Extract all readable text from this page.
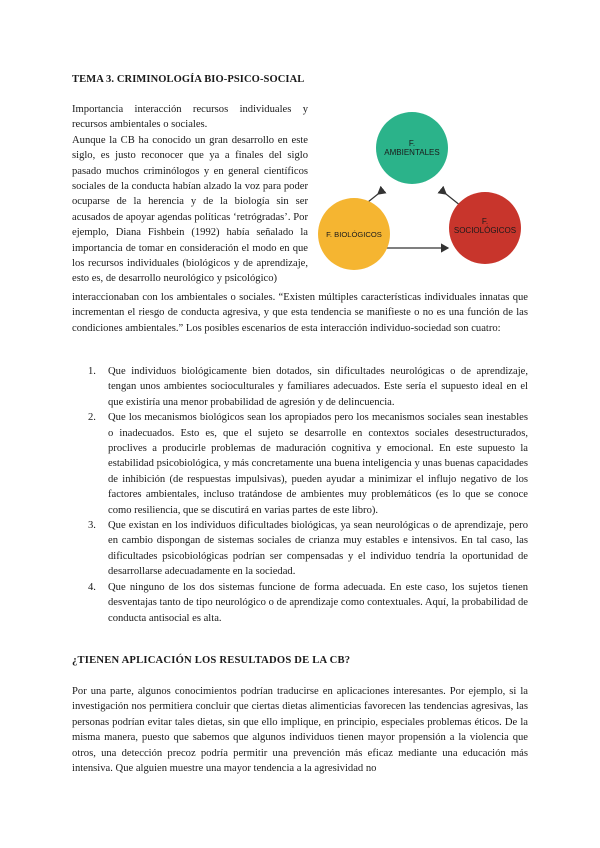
TEMA 3. CRIMINOLOGÍA BIO-PSICO-SOCIAL

Importancia interacción recursos individuales y recursos ambientales o sociales.

Aunque la CB ha conocido un gran desarrollo en este siglo, es justo reconocer que ya a finales del siglo pasado muchos criminólogos y en general científicos sociales de la conducta habían alzado la voz para poder ocuparse de la herencia y de la biología sin ser acusados de apoyar agendas políticas ‘retrógradas’. Por ejemplo, Diana Fishbein (1992) había señalado la importancia de tomar en consideración el modo en que los recursos individuales (biológicos y de aprendizaje, esto es, de desarrollo neurológico y psicológico)

F.
AMBIENTALES
F. BIOLÓGICOS
F.
SOCIOLÓGICOS

interaccionaban con los ambientales o sociales. “Existen múltiples características individuales innatas que incrementan el riesgo de conducta agresiva, y que esta tendencia se manifieste o no es una función de las condiciones ambientales.” Los posibles escenarios de esta interacción individuo-sociedad son cuatro:

1. Que individuos biológicamente bien dotados, sin dificultades neurológicas o de aprendizaje, tengan unos ambientes socioculturales y familiares adecuados. Este sería el supuesto ideal en el que existiría una menor probabilidad de agresión y de delincuencia.
2. Que los mecanismos biológicos sean los apropiados pero los mecanismos sociales sean inestables o inadecuados. Esto es, que el sujeto se desarrolle en contextos sociales desestructurados, proclives a producirle problemas de maduración cognitiva y emocional. En este supuesto la estabilidad psicobiológica, y más concretamente una buena inteligencia y unas buenas capacidades de inhibición (de respuestas impulsivas), pueden ayudar a minimizar el influjo negativo de los factores ambientales, incluso tratándose de ambientes muy problemáticos (es lo que se conoce como resiliencia, que se discutirá en varias partes de este libro).
3. Que existan en los individuos dificultades biológicas, ya sean neurológicas o de aprendizaje, pero en cambio dispongan de sistemas sociales de crianza muy estables e intensivos. En tal caso, las dificultades psicobiológicas podrían ser compensadas y el individuo tendría la oportunidad de desarrollarse adecuadamente en la sociedad.
4. Que ninguno de los dos sistemas funcione de forma adecuada. En este caso, los sujetos tienen desventajas tanto de tipo neurológico o de aprendizaje como contextuales. Aquí, la probabilidad de conducta antisocial es alta.
¿TIENEN APLICACIÓN LOS RESULTADOS DE LA CB?

Por una parte, algunos conocimientos podrían traducirse en aplicaciones interesantes. Por ejemplo, si la investigación nos permitiera concluir que ciertas dietas alimenticias favorecen las tendencias agresivas, las personas podrían evitar tales dietas, sin que ello implique, en principio, especiales problemas éticos. De la misma manera, puesto que sabemos que algunos individuos tienen mayor propensión a la violencia que otros, una detección precoz podría permitir una prevención más eficaz mediante una educación más intensiva. Que alguien muestre una mayor tendencia a la agresividad no
